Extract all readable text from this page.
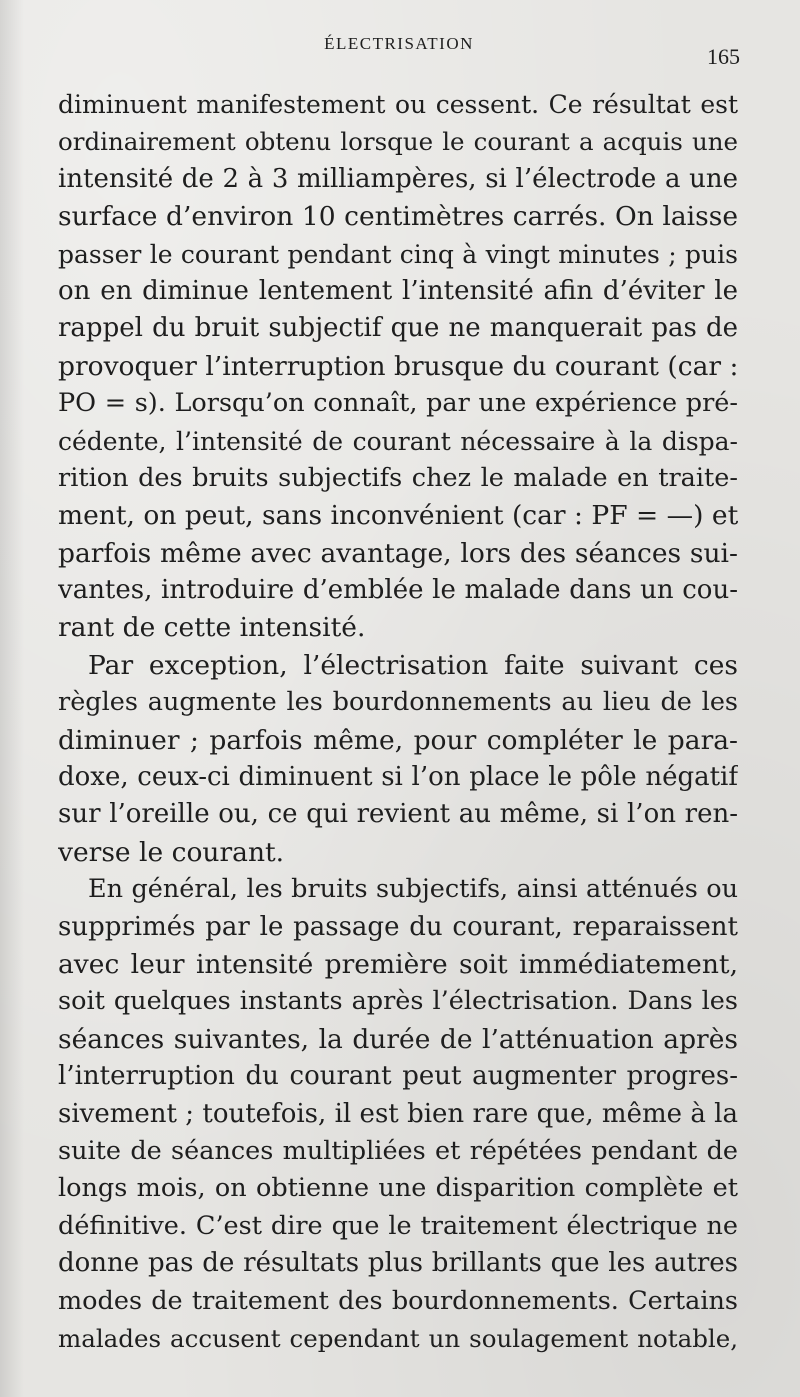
ÉLECTRISATION
165
diminuent manifestement ou cessent. Ce résultat est
ordinairement obtenu lorsque le courant a acquis une
intensité de 2 à 3 milliampères, si l’électrode a une
surface d’environ 10 centimètres carrés. On laisse
passer le courant pendant cinq à vingt minutes ; puis
on en diminue lentement l’intensité afin d’éviter le
rappel du bruit subjectif que ne manquerait pas de
provoquer l’interruption brusque du courant (car :
PO = s). Lorsqu’on connaît, par une expérience pré-
cédente, l’intensité de courant nécessaire à la dispa-
rition des bruits subjectifs chez le malade en traite-
ment, on peut, sans inconvénient (car : PF = —) et
parfois même avec avantage, lors des séances sui-
vantes, introduire d’emblée le malade dans un cou-
rant de cette intensité.
Par exception, l’électrisation faite suivant ces
règles augmente les bourdonnements au lieu de les
diminuer ; parfois même, pour compléter le para-
doxe, ceux-ci diminuent si l’on place le pôle négatif
sur l’oreille ou, ce qui revient au même, si l’on ren-
verse le courant.
En général, les bruits subjectifs, ainsi atténués ou
supprimés par le passage du courant, reparaissent
avec leur intensité première soit immédiatement,
soit quelques instants après l’électrisation. Dans les
séances suivantes, la durée de l’atténuation après
l’interruption du courant peut augmenter progres-
sivement ; toutefois, il est bien rare que, même à la
suite de séances multipliées et répétées pendant de
longs mois, on obtienne une disparition complète et
définitive. C’est dire que le traitement électrique ne
donne pas de résultats plus brillants que les autres
modes de traitement des bourdonnements. Certains
malades accusent cependant un soulagement notable,
